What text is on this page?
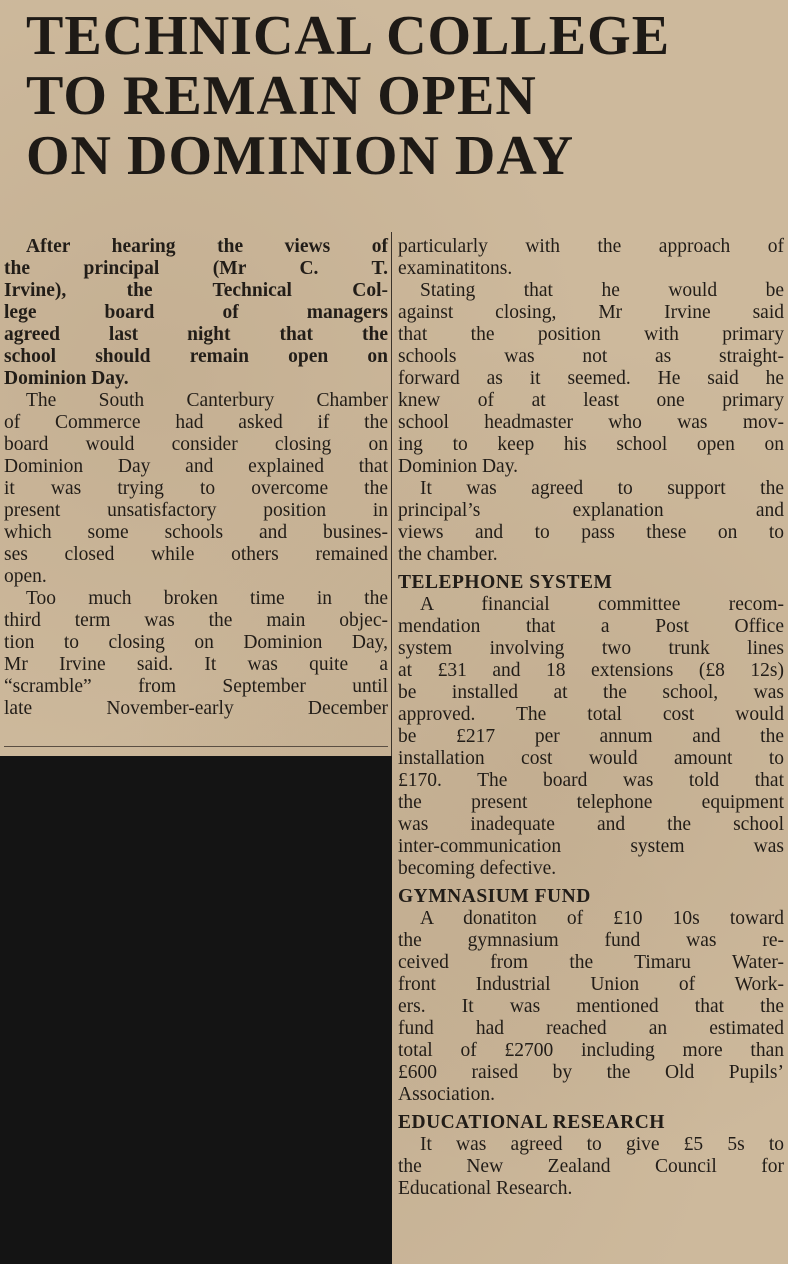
TECHNICAL COLLEGE
TO REMAIN OPEN
ON DOMINION DAY

After hearing the views of
the principal (Mr C. T.
Irvine), the Technical Col-
lege board of managers
agreed last night that the
school should remain open on
Dominion Day.

The South Canterbury Chamber
of Commerce had asked if the
board would consider closing on
Dominion Day and explained that
it was trying to overcome the
present unsatisfactory position in
which some schools and busines-
ses closed while others remained
open.

Too much broken time in the
third term was the main objec-
tion to closing on Dominion Day,
Mr Irvine said. It was quite a
“scramble” from September until
late November-early December

particularly with the approach of
examinatitons.

Stating that he would be
against closing, Mr Irvine said
that the position with primary
schools was not as straight-
forward as it seemed. He said he
knew of at least one primary
school headmaster who was mov-
ing to keep his school open on
Dominion Day.

It was agreed to support the
principal’s explanation and
views and to pass these on to
the chamber.

TELEPHONE SYSTEM

A financial committee recom-
mendation that a Post Office
system involving two trunk lines
at £31 and 18 extensions (£8 12s)
be installed at the school, was
approved. The total cost would
be £217 per annum and the
installation cost would amount to
£170. The board was told that
the present telephone equipment
was inadequate and the school
inter-communication system was
becoming defective.

GYMNASIUM FUND

A donatiton of £10 10s toward
the gymnasium fund was re-
ceived from the Timaru Water-
front Industrial Union of Work-
ers. It was mentioned that the
fund had reached an estimated
total of £2700 including more than
£600 raised by the Old Pupils’
Association.

EDUCATIONAL RESEARCH

It was agreed to give £5 5s to
the New Zealand Council for
Educational Research.
